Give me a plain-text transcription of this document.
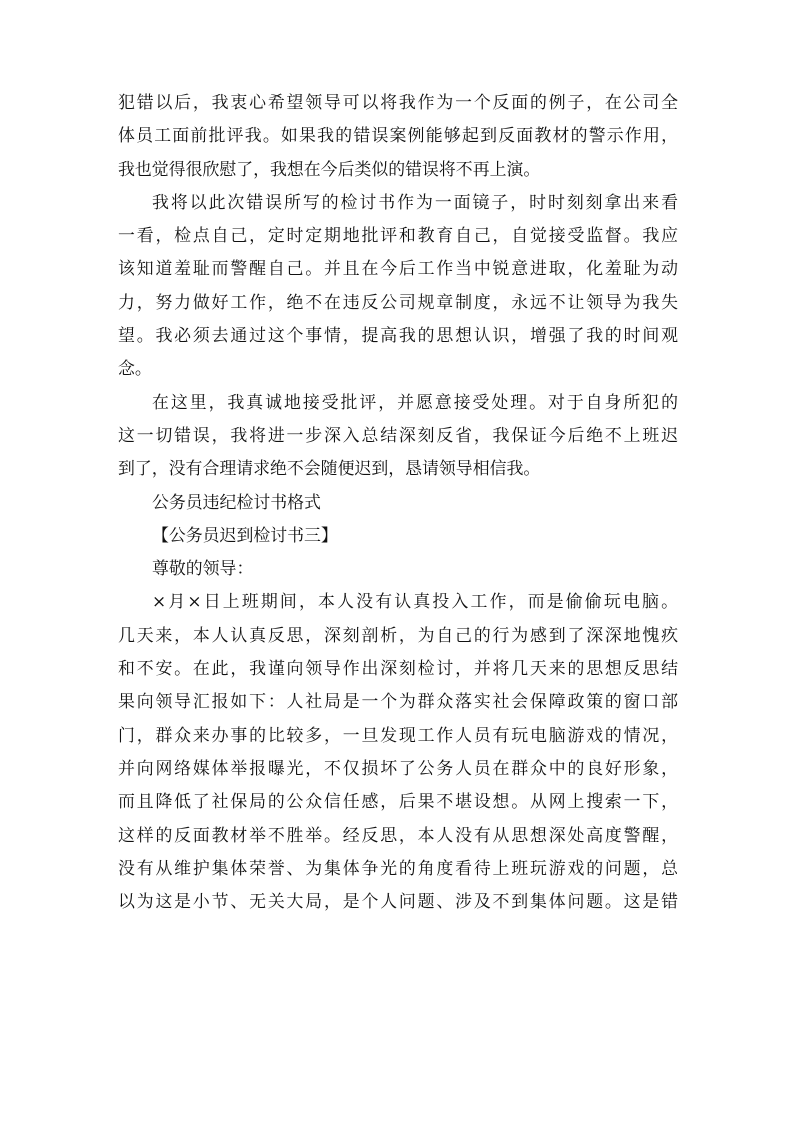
犯错以后，我衷心希望领导可以将我作为一个反面的例子，在公司全
体员工面前批评我。如果我的错误案例能够起到反面教材的警示作用，
我也觉得很欣慰了，我想在今后类似的错误将不再上演。
我将以此次错误所写的检讨书作为一面镜子，时时刻刻拿出来看
一看，检点自己，定时定期地批评和教育自己，自觉接受监督。我应
该知道羞耻而警醒自己。并且在今后工作当中锐意进取，化羞耻为动
力，努力做好工作，绝不在违反公司规章制度，永远不让领导为我失
望。我必须去通过这个事情，提高我的思想认识，增强了我的时间观
念。
在这里，我真诚地接受批评，并愿意接受处理。对于自身所犯的
这一切错误，我将进一步深入总结深刻反省，我保证今后绝不上班迟
到了，没有合理请求绝不会随便迟到，恳请领导相信我。
公务员违纪检讨书格式
【公务员迟到检讨书三】
尊敬的领导：
×月×日上班期间，本人没有认真投入工作，而是偷偷玩电脑。
几天来，本人认真反思，深刻剖析，为自己的行为感到了深深地愧疚
和不安。在此，我谨向领导作出深刻检讨，并将几天来的思想反思结
果向领导汇报如下：人社局是一个为群众落实社会保障政策的窗口部
门，群众来办事的比较多，一旦发现工作人员有玩电脑游戏的情况，
并向网络媒体举报曝光，不仅损坏了公务人员在群众中的良好形象，
而且降低了社保局的公众信任感，后果不堪设想。从网上搜索一下，
这样的反面教材举不胜举。经反思，本人没有从思想深处高度警醒，
没有从维护集体荣誉、为集体争光的角度看待上班玩游戏的问题，总
以为这是小节、无关大局，是个人问题、涉及不到集体问题。这是错
